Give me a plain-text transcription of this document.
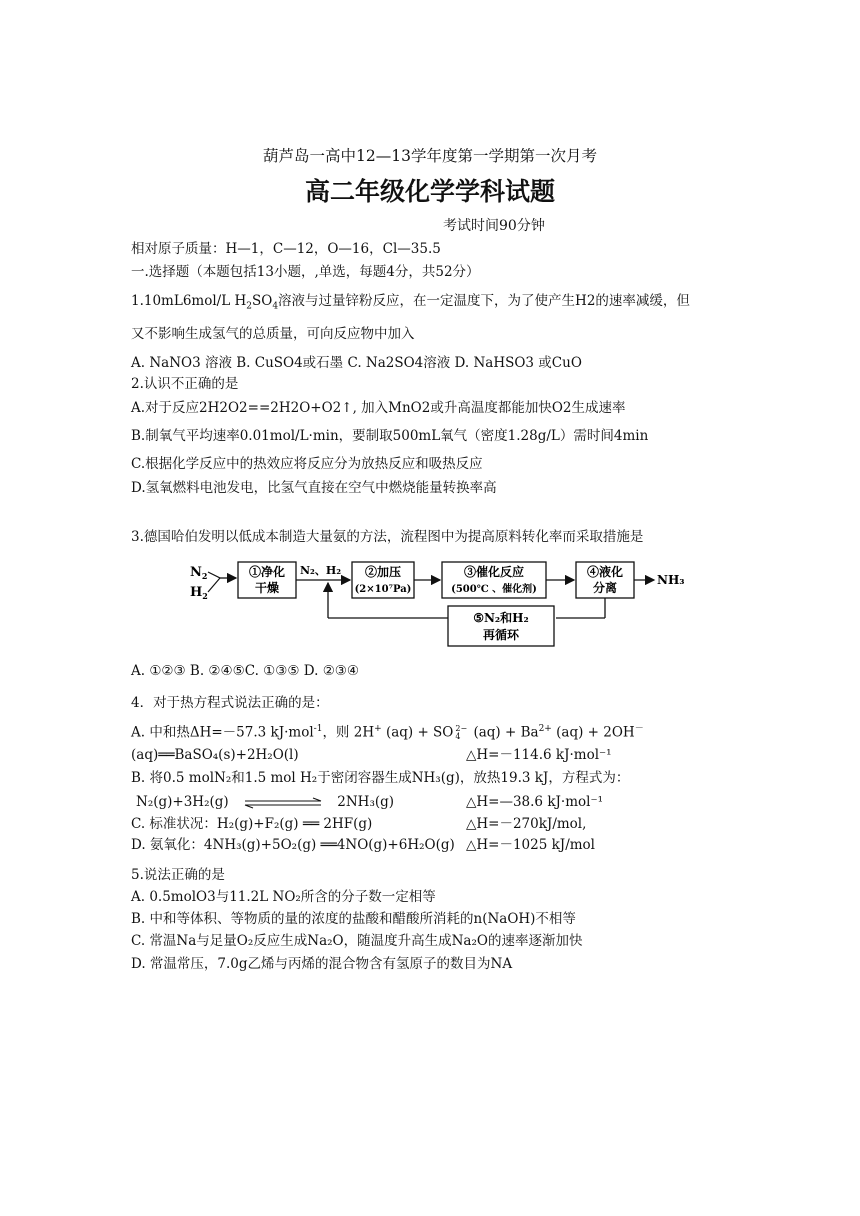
葫芦岛一高中12—13学年度第一学期第一次月考
高二年级化学学科试题
考试时间90分钟
相对原子质量：H—1，C—12，O—16，Cl—35.5
一.选择题（本题包括13小题，,单选，每题4分，共52分）
1.10mL6mol/L $H_2SO_4$溶液与过量锌粉反应，在一定温度下，为了使产生H2的速率减缓，但
又不影响生成氢气的总质量，可向反应物中加入
A. NaNO3 溶液 B. CuSO4或石墨 C. Na2SO4溶液 D. NaHSO3 或CuO
2.认识不正确的是
A.对于反应2H2O2==2H2O+O2↑, 加入MnO2或升高温度都能加快O2生成速率
B.制氧气平均速率0.01mol/L·min，要制取500mL氧气（密度1.28g/L）需时间4min
C.根据化学反应中的热效应将反应分为放热反应和吸热反应
D.氢氧燃料电池发电，比氢气直接在空气中燃烧能量转换率高
3.德国哈伯发明以低成本制造大量氨的方法，流程图中为提高原料转化率而采取措施是
$N_2$
$H_2$
①净化
干燥
N₂、H₂ ②加压
(2×10⁷Pa)
③催化反应
(500℃ 、催化剂)
④液化
分离
NH₃
⑤N₂和H₂
再循环
A. ①②③ B. ②④⑤C. ①③⑤ D. ②③④
4．对于热方程式说法正确的是：
A. 中和热ΔH=－57.3 kJ·mol$^{-1}$，则 2H+ (aq) + SO 2−
4 $(aq) + Ba^{2+}$ (aq) + 2OH－
(aq)══BaSO₄(s)+2H₂O(l)	△H=－114.6 kJ·mol⁻¹
B. 将0.5 molN₂和1.5 mol H₂于密闭容器生成NH₃(g)，放热19.3 kJ，方程式为：
N₂(g)+3H₂(g)	2NH₃(g)	△H=—38.6 kJ·mol⁻¹
C. 标准状况：H₂(g)+F₂(g) ══ 2HF(g)	△H=－270kJ/mol,
D. 氨氧化：4NH₃(g)+5O₂(g) ══4NO(g)+6H₂O(g) △H=－1025 kJ/mol
5.说法正确的是
A. 0.5molO3与11.2L NO₂所含的分子数一定相等
B. 中和等体积、等物质的量的浓度的盐酸和醋酸所消耗的n(NaOH)不相等
C. 常温Na与足量O₂反应生成Na₂O，随温度升高生成Na₂O的速率逐渐加快
D. 常温常压，7.0g乙烯与丙烯的混合物含有氢原子的数目为NA
